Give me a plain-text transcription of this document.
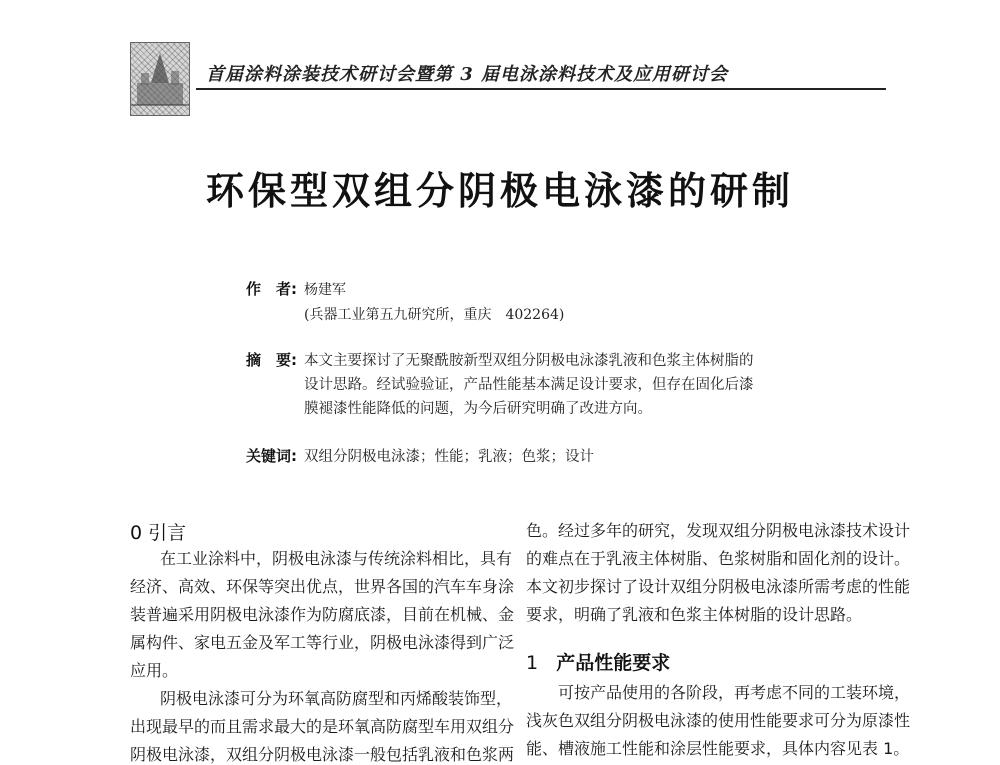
首届涂料涂装技术研讨会暨第 3 届电泳涂料技术及应用研讨会
环保型双组分阴极电泳漆的研制
作　者: 杨建军
(兵器工业第五九研究所，重庆　402264)
摘　要: 本文主要探讨了无聚酰胺新型双组分阴极电泳漆乳液和色浆主体树脂的
设计思路。经试验验证，产品性能基本满足设计要求，但存在固化后漆
膜褪漆性能降低的问题，为今后研究明确了改进方向。
关键词: 双组分阴极电泳漆；性能；乳液；色浆；设计
0 引言
在工业涂料中，阴极电泳漆与传统涂料相比，具有
经济、高效、环保等突出优点，世界各国的汽车车身涂
装普遍采用阴极电泳漆作为防腐底漆，目前在机械、金
属构件、家电五金及军工等行业，阴极电泳漆得到广泛
应用。
阴极电泳漆可分为环氧高防腐型和丙烯酸装饰型，
出现最早的而且需求最大的是环氧高防腐型车用双组分
阴极电泳漆，双组分阴极电泳漆一般包括乳液和色浆两
色。经过多年的研究，发现双组分阴极电泳漆技术设计
的难点在于乳液主体树脂、色浆树脂和固化剂的设计。
本文初步探讨了设计双组分阴极电泳漆所需考虑的性能
要求，明确了乳液和色浆主体树脂的设计思路。
1 产品性能要求
可按产品使用的各阶段，再考虑不同的工装环境，
浅灰色双组分阴极电泳漆的使用性能要求可分为原漆性
能、槽液施工性能和涂层性能要求，具体内容见表 1。
